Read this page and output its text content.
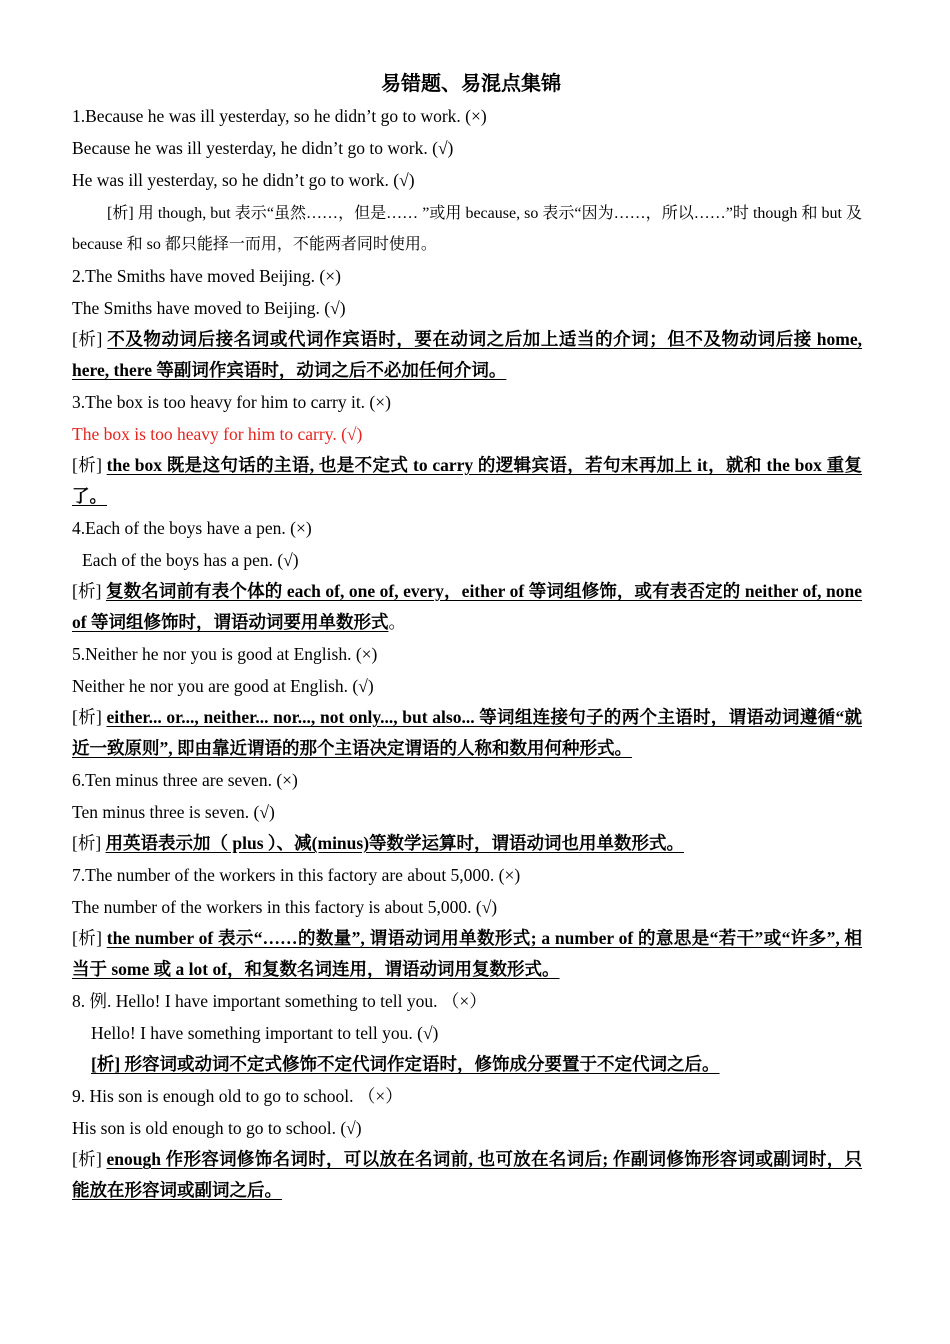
易错题、易混点集锦
1.Because he was ill yesterday, so he didn’t go to work. (×)
Because he was ill yesterday, he didn’t go to work. (√)
He was ill yesterday, so he didn’t go to work. (√)
[析] 用 though, but 表示“虽然……，但是…… ”或用 because, so 表示“因为……，所以……”时 though 和 but 及 because 和 so 都只能择一而用，不能两者同时使用。
2.The Smiths have moved Beijing. (×)
The Smiths have moved to Beijing. (√)
[析] 不及物动词后接名词或代词作宾语时，要在动词之后加上适当的介词；但不及物动词后接 home, here, there 等副词作宾语时，动词之后不必加任何介词。
3.The box is too heavy for him to carry it. (×)
The box is too heavy for him to carry. (√)
[析] the box 既是这句话的主语, 也是不定式 to carry 的逻辑宾语，若句末再加上 it，就和 the box 重复了。
4.Each of the boys have a pen. (×)
Each of the boys has a pen. (√)
[析] 复数名词前有表个体的 each of, one of, every，either of 等词组修饰，或有表否定的 neither of, none of 等词组修饰时，谓语动词要用单数形式。
5.Neither he nor you is good at English. (×)
Neither he nor you are good at English. (√)
[析] either... or..., neither... nor..., not only..., but also... 等词组连接句子的两个主语时，谓语动词遵循“就近一致原则”, 即由靠近谓语的那个主语决定谓语的人称和数用何种形式。
6.Ten minus three are seven. (×)
Ten minus three is seven. (√)
[析] 用英语表示加（ plus ）、减(minus)等数学运算时，谓语动词也用单数形式。
7.The number of the workers in this factory are about 5,000. (×)
The number of the workers in this factory is about 5,000. (√)
[析] the number of 表示“……的数量”, 谓语动词用单数形式; a number of 的意思是“若干”或“许多”, 相当于 some 或 a lot of，和复数名词连用，谓语动词用复数形式。
8. 例. Hello! I have important something to tell you. （×）
Hello! I have something important to tell you. (√)
[析] 形容词或动词不定式修饰不定代词作定语时，修饰成分要置于不定代词之后。
9. His son is enough old to go to school. （×）
His son is old enough to go to school. (√)
[析] enough 作形容词修饰名词时，可以放在名词前, 也可放在名词后; 作副词修饰形容词或副词时，只能放在形容词或副词之后。
